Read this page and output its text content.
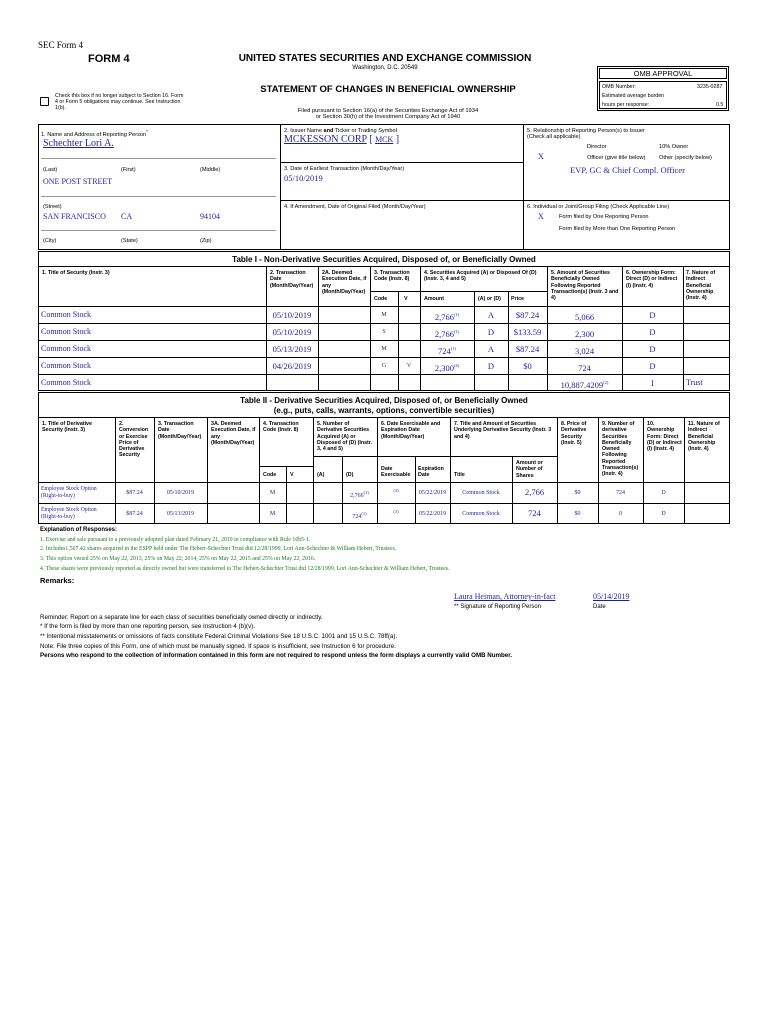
SEC Form 4
FORM 4	UNITED STATES SECURITIES AND EXCHANGE COMMISSION
Washington, D.C. 20549
STATEMENT OF CHANGES IN BENEFICIAL OWNERSHIP
Filed pursuant to Section 16(a) of the Securities Exchange Act of 1934
or Section 30(h) of the Investment Company Act of 1940
Check this box if no longer subject to Section 16. Form 4 or Form 5 obligations may continue. See Instruction 1(b).
OMB APPROVAL
OMB Number:	3235-0287
Estimated average burden
hours per response:	0.5
1. Name and Address of Reporting Person*
Schechter Lori A.
(Last)	(First)	(Middle)
ONE POST STREET
(Street)
SAN FRANCISCO CA	94104
(City)	(State)	(Zip)
2. Issuer Name and Ticker or Trading Symbol
MCKESSON CORP [ MCK ]
3. Date of Earliest Transaction (Month/Day/Year)
05/10/2019
4. If Amendment, Date of Original Filed (Month/Day/Year)
5. Relationship of Reporting Person(s) to Issuer
(Check all applicable)
Director	10% Owner
X	Officer (give title below) Other (specify below)
EVP, GC & Chief Compl. Officer
6. Individual or Joint/Group Filing (Check Applicable Line)
X	Form filed by One Reporting Person
Form filed by More than One Reporting Person
Table I - Non-Derivative Securities Acquired, Disposed of, or Beneficially Owned
1. Title of Security (Instr. 3)	2. Transaction Date (Month/Day/Year)
2A. Deemed Execution Date, if any (Month/Day/Year)
3. Transaction Code (Instr. 8)
4. Securities Acquired (A) or Disposed Of (D) (Instr. 3, 4 and 5)
5. Amount of Securities Beneficially Owned Following Reported Transaction(s) (Instr. 3 and 4)
6. Ownership Form: Direct (D) or Indirect (I) (Instr. 4)
7. Nature of Indirect Beneficial Ownership (Instr. 4)
Code	V	Amount	(A) or (D) Price
Common Stock	05/10/2019	M	2,766$^{(1)}$	A	$87.24	5,066	D
Common Stock	05/10/2019	S	2,766$^{(1)}$	D	$133.59	2,300	D
Common Stock	05/13/2019	M	724$^{(1)}$	A	$87.24	3,024	D
Common Stock	04/26/2019	G	V	2,300$^{(4)}$	D	$0	724	D
Common Stock	10,887.4209$^{(2)}$	I	Trust
Table II - Derivative Securities Acquired, Disposed of, or Beneficially Owned
(e.g., puts, calls, warrants, options, convertible securities)
1. Title of Derivative Security (Instr. 3)
2. Conversion or Exercise Price of Derivative Security
3. Transaction Date (Month/Day/Year)
3A. Deemed Execution Date, if any (Month/Day/Year)
4. Transaction Code (Instr. 8)
5. Number of Derivative Securities Acquired (A) or Disposed of (D) (Instr. 3, 4 and 5)
6. Date Exercisable and Expiration Date (Month/Day/Year)
7. Title and Amount of Securities Underlying Derivative Security (Instr. 3 and 4)
8. Price of Derivative Security (Instr. 5)
9. Number of derivative Securities Beneficially Owned Following Reported Transaction(s) (Instr. 4)
10. Ownership Form: Direct (D) or Indirect (I) (Instr. 4)
11. Nature of Indirect Beneficial Ownership (Instr. 4)
Code	V	(A)	(D)
Date Exercisable
Expiration Date	Title
Amount or Number of Shares
Employee Stock Option (Right-to-buy)	$87.24	05/10/2019	M	2,766$^{(1)}$	(3)	05/22/2019	Common Stock	2,766	$0	724	D
Employee Stock Option (Right-to-buy)	$87.24	05/13/2019	M	724$^{(1)}$	(3)	05/22/2019	Common Stock	724	$0	0	D
Explanation of Responses:
1. Exercise and sale pursuant to a previously adopted plan dated February 21, 2019 in compliance with Rule 10b5-1.
2. Includes1,507.42 shares acquired in the ESPP held under The Hebert-Schechter Trust dtd 12/28/1999, Lori Ann-Schechter & William Hebert, Trustees.
3. This option vested 25% on May 22, 2013, 25% on May 22, 2014, 25% on May 22, 2015 and 25% on May 22, 2016.
4. These shares were previously reported as directly owned but were transferred to The Hebert-Schechter Trust dtd 12/28/1999, Lori Ann-Schechter & William Hebert, Trustees.
Remarks:
Laura Heiman, Attorney-in-fact	05/14/2019
** Signature of Reporting Person	Date
Reminder: Report on a separate line for each class of securities beneficially owned directly or indirectly.
* If the form is filed by more than one reporting person, see Instruction 4 (b)(v).
** Intentional misstatements or omissions of facts constitute Federal Criminal Violations See 18 U.S.C. 1001 and 15 U.S.C. 78ff(a).
Note: File three copies of this Form, one of which must be manually signed. If space is insufficient, see Instruction 6 for procedure.
Persons who respond to the collection of information contained in this form are not required to respond unless the form displays a currently valid OMB Number.
